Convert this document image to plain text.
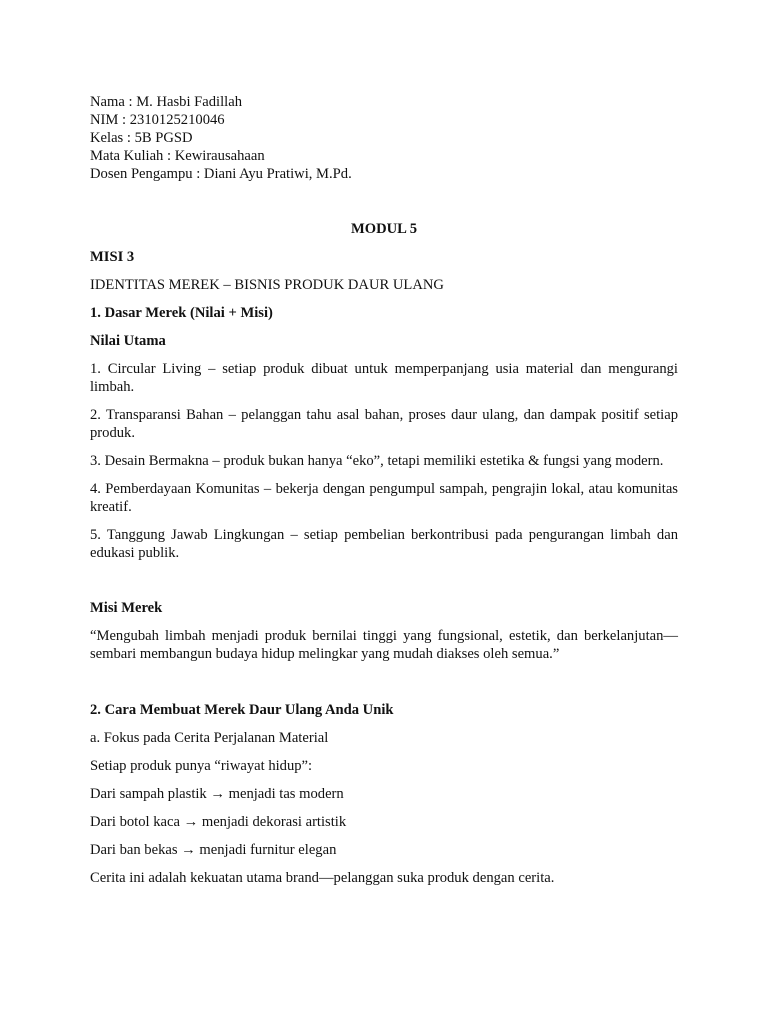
Nama : M. Hasbi Fadillah
NIM : 2310125210046
Kelas : 5B PGSD
Mata Kuliah : Kewirausahaan
Dosen Pengampu : Diani Ayu Pratiwi, M.Pd.
MODUL 5
MISI 3
IDENTITAS MEREK – BISNIS PRODUK DAUR ULANG
1. Dasar Merek (Nilai + Misi)
Nilai Utama
1. Circular Living – setiap produk dibuat untuk memperpanjang usia material dan mengurangi limbah.
2. Transparansi Bahan – pelanggan tahu asal bahan, proses daur ulang, dan dampak positif setiap produk.
3. Desain Bermakna – produk bukan hanya “eko”, tetapi memiliki estetika & fungsi yang modern.
4. Pemberdayaan Komunitas – bekerja dengan pengumpul sampah, pengrajin lokal, atau komunitas kreatif.
5. Tanggung Jawab Lingkungan – setiap pembelian berkontribusi pada pengurangan limbah dan edukasi publik.
Misi Merek
“Mengubah limbah menjadi produk bernilai tinggi yang fungsional, estetik, dan berkelanjutan—sembari membangun budaya hidup melingkar yang mudah diakses oleh semua.”
2. Cara Membuat Merek Daur Ulang Anda Unik
a. Fokus pada Cerita Perjalanan Material
Setiap produk punya “riwayat hidup”:
Dari sampah plastik → menjadi tas modern
Dari botol kaca → menjadi dekorasi artistik
Dari ban bekas → menjadi furnitur elegan
Cerita ini adalah kekuatan utama brand—pelanggan suka produk dengan cerita.
